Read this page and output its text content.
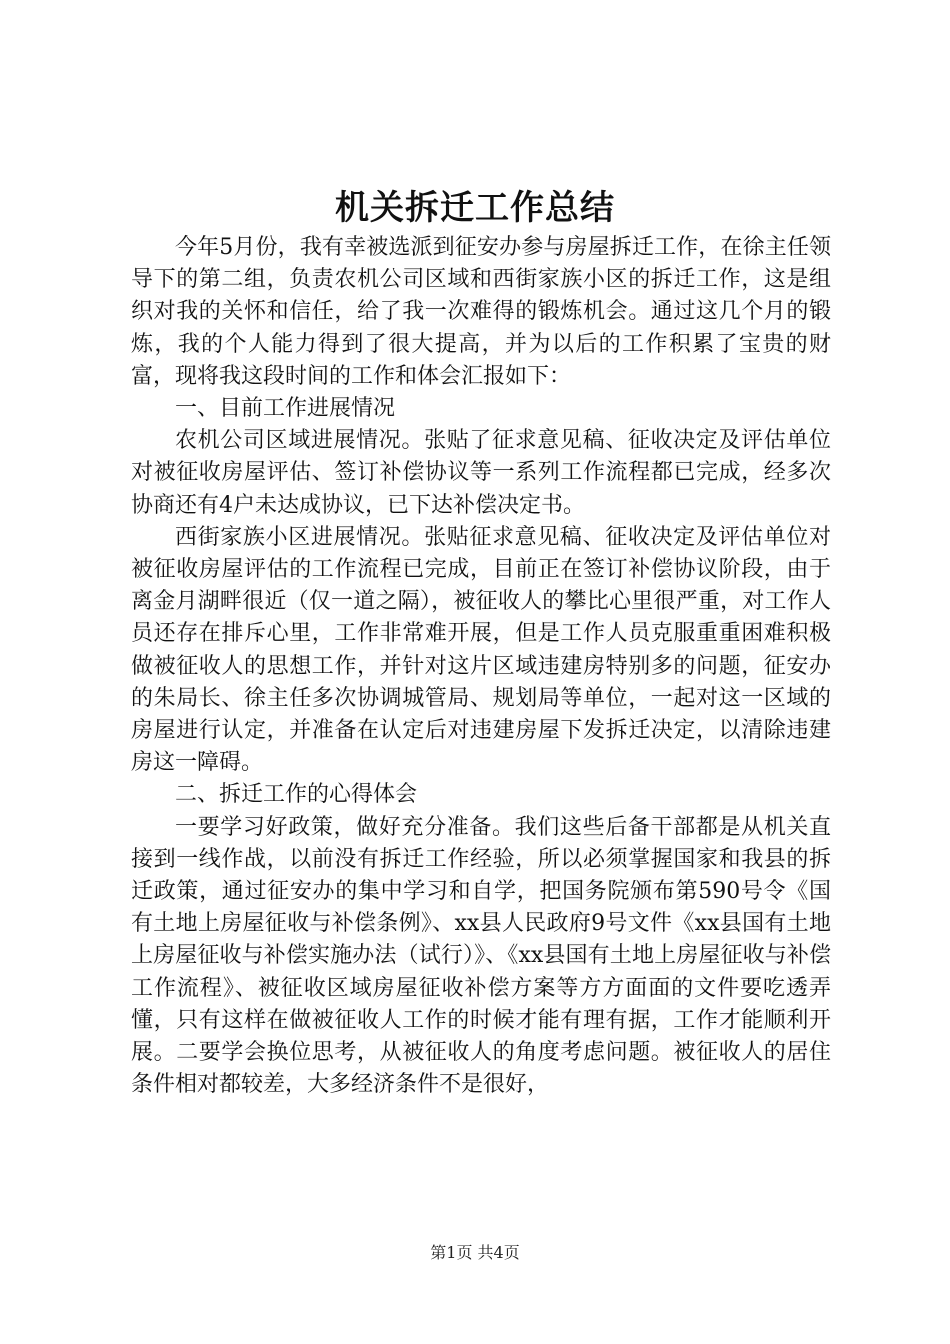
机关拆迁工作总结

今年5月份，我有幸被选派到征安办参与房屋拆迁工作，在徐主任领导下的第二组，负责农机公司区域和西街家族小区的拆迁工作，这是组织对我的关怀和信任，给了我一次难得的锻炼机会。通过这几个月的锻炼，我的个人能力得到了很大提高，并为以后的工作积累了宝贵的财富，现将我这段时间的工作和体会汇报如下：

一、目前工作进展情况

农机公司区域进展情况。张贴了征求意见稿、征收决定及评估单位对被征收房屋评估、签订补偿协议等一系列工作流程都已完成，经多次协商还有4户未达成协议，已下达补偿决定书。

西街家族小区进展情况。张贴征求意见稿、征收决定及评估单位对被征收房屋评估的工作流程已完成，目前正在签订补偿协议阶段，由于离金月湖畔很近（仅一道之隔），被征收人的攀比心里很严重，对工作人员还存在排斥心里，工作非常难开展，但是工作人员克服重重困难积极做被征收人的思想工作，并针对这片区域违建房特别多的问题，征安办的朱局长、徐主任多次协调城管局、规划局等单位，一起对这一区域的房屋进行认定，并准备在认定后对违建房屋下发拆迁决定，以清除违建房这一障碍。

二、拆迁工作的心得体会

一要学习好政策，做好充分准备。我们这些后备干部都是从机关直接到一线作战，以前没有拆迁工作经验，所以必须掌握国家和我县的拆迁政策，通过征安办的集中学习和自学，把国务院颁布第590号令《国有土地上房屋征收与补偿条例》、xx县人民政府9号文件《xx县国有土地上房屋征收与补偿实施办法（试行）》、《xx县国有土地上房屋征收与补偿工作流程》、被征收区域房屋征收补偿方案等方方面面的文件要吃透弄懂，只有这样在做被征收人工作的时候才能有理有据，工作才能顺利开展。二要学会换位思考，从被征收人的角度考虑问题。被征收人的居住条件相对都较差，大多经济条件不是很好，

第1页 共4页
